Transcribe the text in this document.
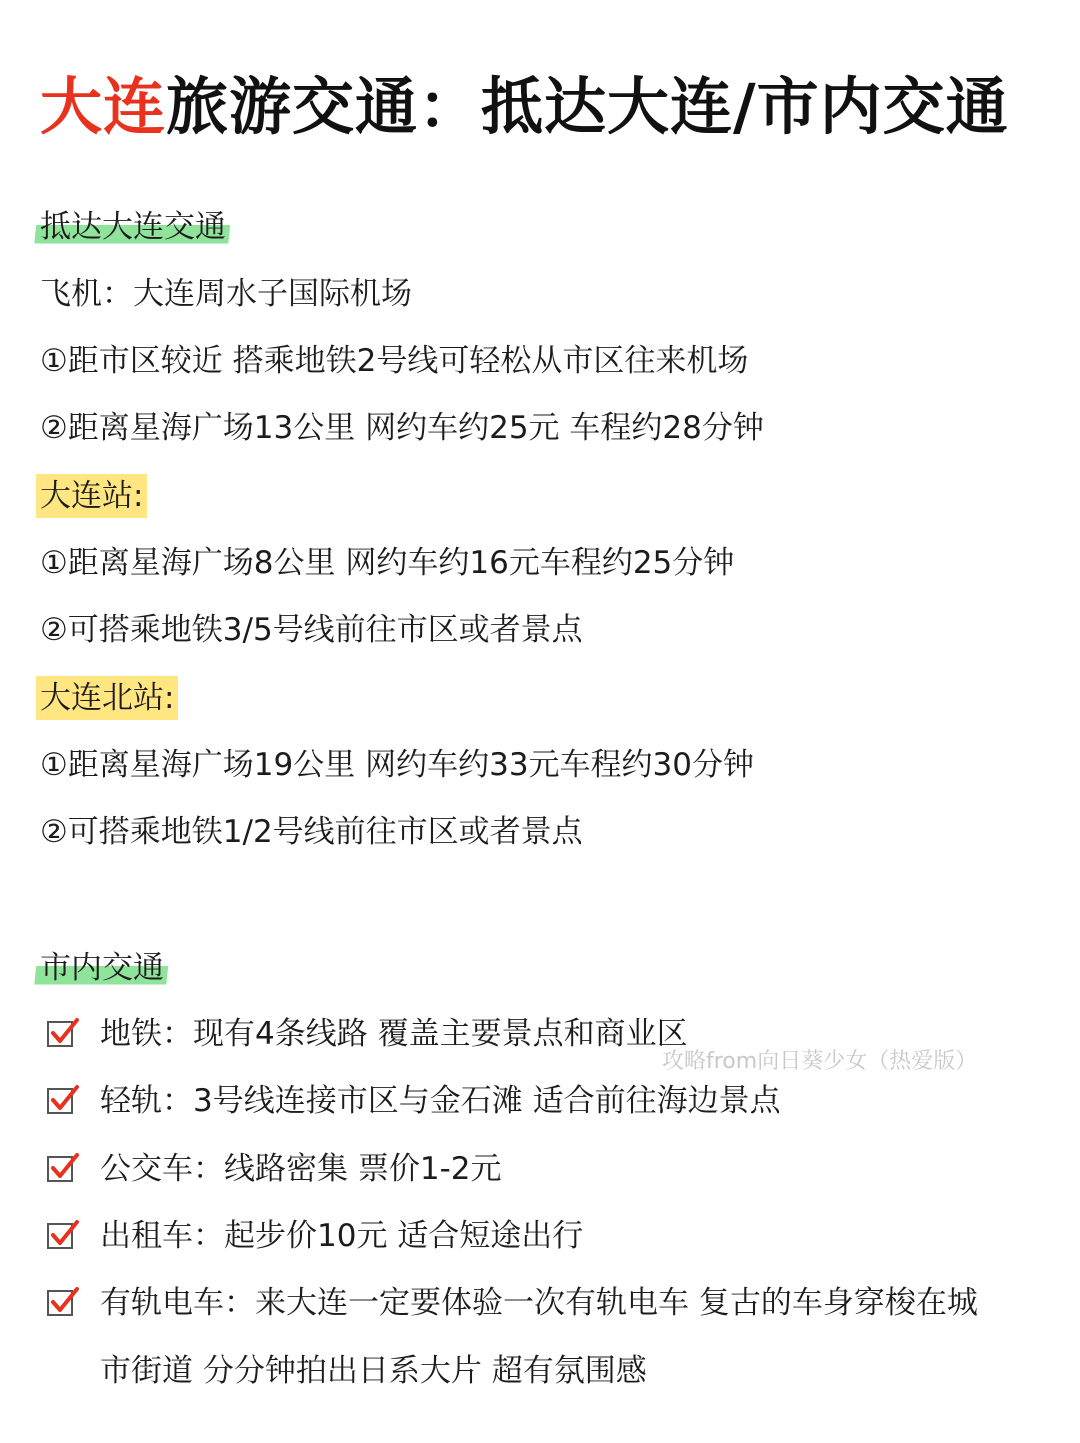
大连旅游交通：抵达大连/市内交通
抵达大连交通
飞机：大连周水子国际机场
①距市区较近 搭乘地铁2号线可轻松从市区往来机场
②距离星海广场13公里 网约车约25元 车程约28分钟
大连站:
①距离星海广场8公里 网约车约16元车程约25分钟
②可搭乘地铁3/5号线前往市区或者景点
大连北站:
①距离星海广场19公里 网约车约33元车程约30分钟
②可搭乘地铁1/2号线前往市区或者景点
市内交通
地铁：现有4条线路 覆盖主要景点和商业区
轻轨：3号线连接市区与金石滩 适合前往海边景点
公交车：线路密集 票价1-2元
出租车：起步价10元 适合短途出行
有轨电车：来大连一定要体验一次有轨电车 复古的车身穿梭在城
市街道 分分钟拍出日系大片 超有氛围感
攻略from向日葵少女（热爱版）
